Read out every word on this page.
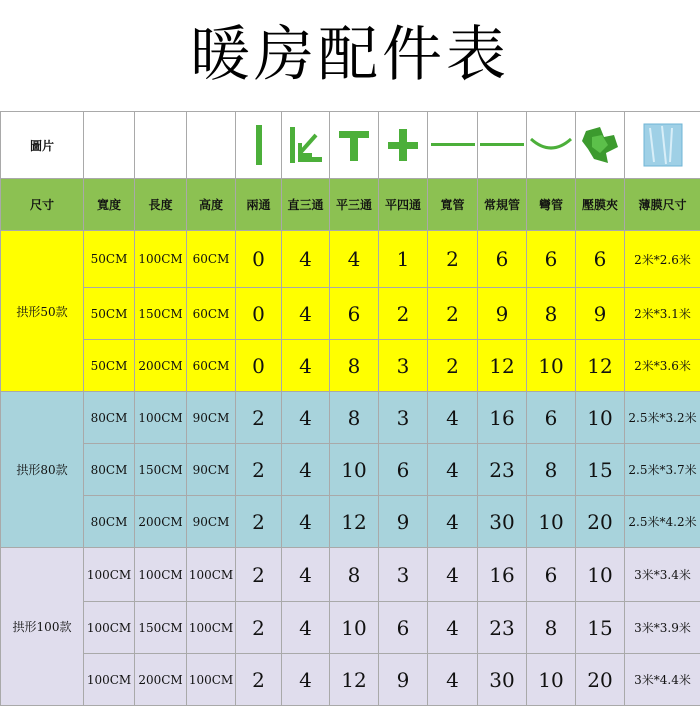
暖房配件表
圖片				

尺寸	寬度	長度	高度	兩通	直三通	平三通	平四通	寬管	常規管	彎管	壓膜夾	薄膜尺寸
拱形50款	50CM	100CM	60CM	0	4	4	1	2	6	6	6	2米*2.6米
	50CM	150CM	60CM	0	4	6	2	2	9	8	9	2米*3.1米
	50CM	200CM	60CM	0	4	8	3	2	12	10	12	2米*3.6米
拱形80款	80CM	100CM	90CM	2	4	8	3	4	16	6	10	2.5米*3.2米
	80CM	150CM	90CM	2	4	10	6	4	23	8	15	2.5米*3.7米
	80CM	200CM	90CM	2	4	12	9	4	30	10	20	2.5米*4.2米
拱形100款	100CM	100CM	100CM	2	4	8	3	4	16	6	10	3米*3.4米
	100CM	150CM	100CM	2	4	10	6	4	23	8	15	3米*3.9米
	100CM	200CM	100CM	2	4	12	9	4	30	10	20	3米*4.4米
